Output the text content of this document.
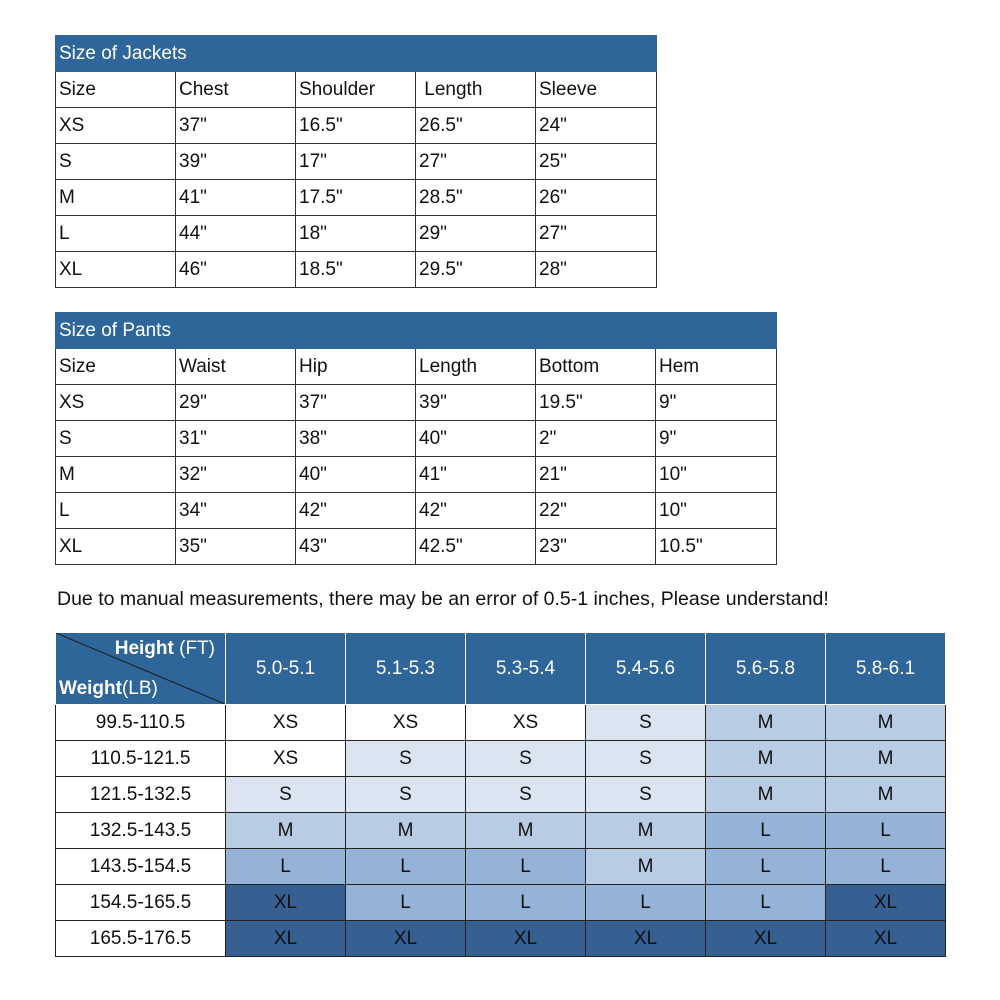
Size of Jackets				
Size	Chest	Shoulder	Length	Sleeve
XS	37"	16.5"	26.5"	24"
S	39"	17"	27"	25"
M	41"	17.5"	28.5"	26"
L	44"	18"	29"	27"
XL	46"	18.5"	29.5"	28"
Size of Pants					
Size	Waist	Hip	Length	Bottom	Hem
XS	29"	37"	39"	19.5"	9"
S	31"	38"	40"	2"	9"
M	32"	40"	41"	21"	10"
L	34"	42"	42"	22"	10"
XL	35"	43"	42.5"	23"	10.5"
Due to manual measurements, there may be an error of 0.5-1 inches, Please understand!
Height (FT)
Weight(LB)	5.0-5.1	5.1-5.3	5.3-5.4	5.4-5.6	5.6-5.8	5.8-6.1
99.5-110.5	XS	XS	XS	S	M	M
110.5-121.5	XS	S	S	S	M	M
121.5-132.5	S	S	S	S	M	M
132.5-143.5	M	M	M	M	L	L
143.5-154.5	L	L	L	M	L	L
154.5-165.5	XL	L	L	L	L	XL
165.5-176.5	XL	XL	XL	XL	XL	XL
